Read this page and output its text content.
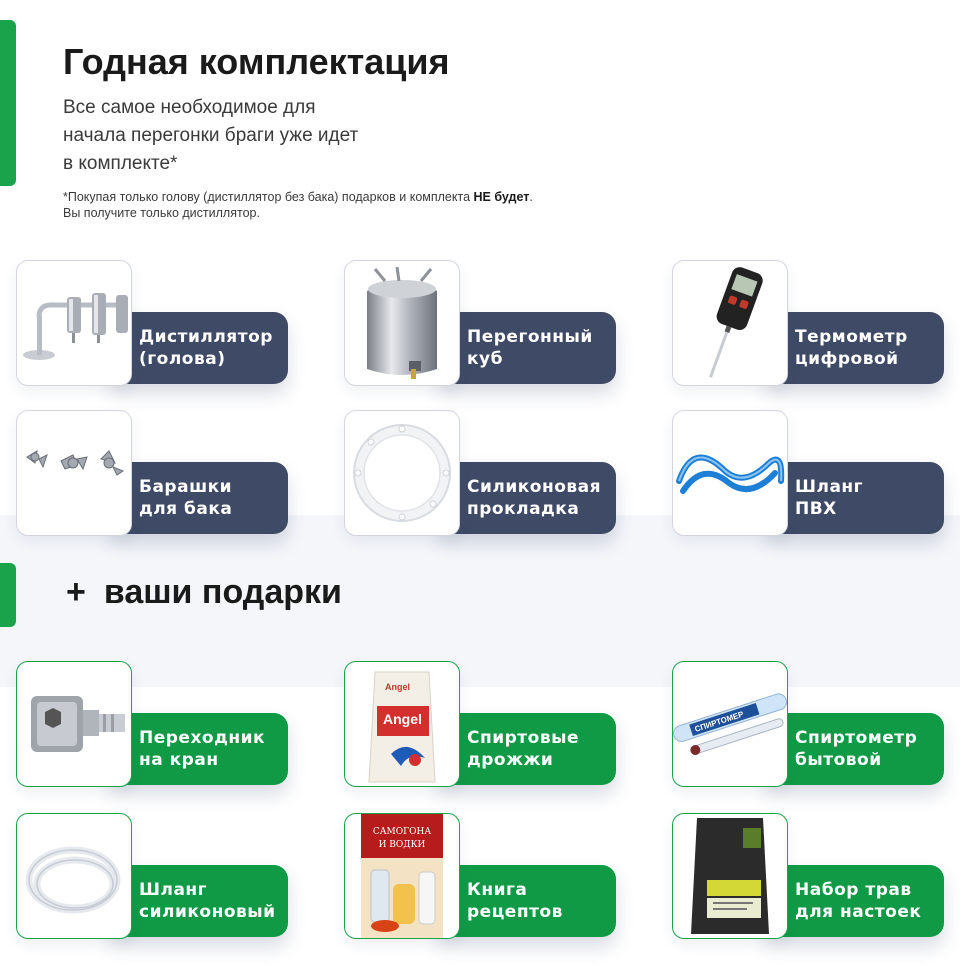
Годная комплектация
Все самое необходимое для начала перегонки браги уже идет в комплекте*
*Покупая только голову (дистиллятор без бака) подарков и комплекта НЕ будет.
Вы получите только дистиллятор.
Дистиллятор
(голова)
Перегонный
куб
Термометр
цифровой
Барашки
для бака
Силиконовая
прокладка
Шланг
ПВХ
+ ваши подарки
Переходник
на кран
Angel
Angel
Спиртовые
дрожжи
СПИРТОМЕР
Спиртометр
бытовой
Шланг
силиконовый
САМОГОНА
И ВОДКИ
Книга
рецептов
Набор трав
для настоек
